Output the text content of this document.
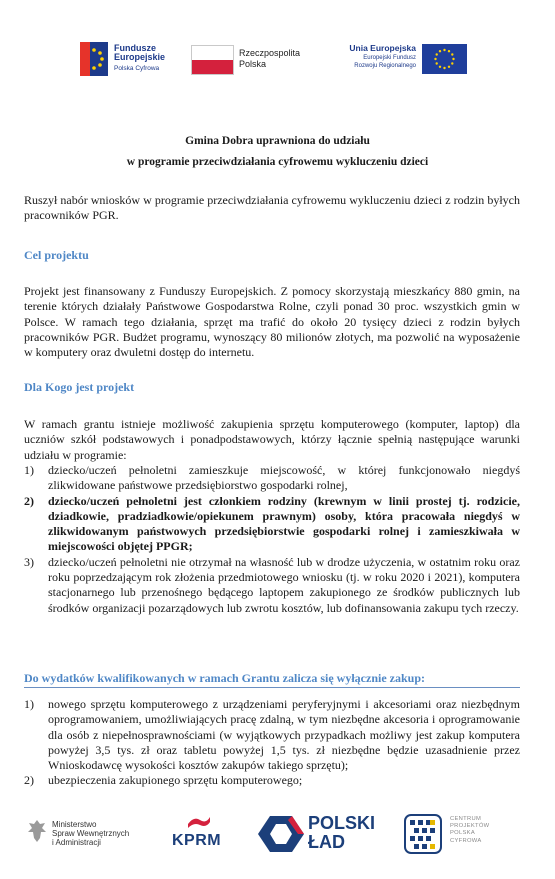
Fundusze
Europejskie
Polska Cyfrowa
Rzeczpospolita
Polska
Unia Europejska
Europejski Fundusz
Rozwoju Regionalnego
Gmina Dobra uprawniona do udziału
w programie przeciwdziałania cyfrowemu wykluczeniu dzieci
Ruszył nabór wniosków w programie przeciwdziałania cyfrowemu wykluczeniu dzieci z rodzin byłych pracowników PGR.
Cel projektu
Projekt jest finansowany z Funduszy Europejskich. Z pomocy skorzystają mieszkańcy 880 gmin, na terenie których działały Państwowe Gospodarstwa Rolne, czyli ponad 30 proc. wszystkich gmin w Polsce. W ramach tego działania, sprzęt ma trafić do około 20 tysięcy dzieci z rodzin byłych pracowników PGR. Budżet programu, wynoszący 80 milionów złotych, ma pozwolić na wyposażenie w komputery oraz dwuletni dostęp do internetu.
Dla Kogo jest projekt
W ramach grantu istnieje możliwość zakupienia sprzętu komputerowego (komputer, laptop) dla uczniów szkół podstawowych i ponadpodstawowych, którzy łącznie spełnią następujące warunki udziału w programie:
1) dziecko/uczeń pełnoletni zamieszkuje miejscowość, w której funkcjonowało niegdyś zlikwidowane państwowe przedsiębiorstwo gospodarki rolnej,
2) dziecko/uczeń pełnoletni jest członkiem rodziny (krewnym w linii prostej tj. rodzicie, dziadkowie, pradziadkowie/opiekunem prawnym) osoby, która pracowała niegdyś w zlikwidowanym państwowych przedsiębiorstwie gospodarki rolnej i zamieszkiwała w miejscowości objętej PPGR;
3) dziecko/uczeń pełnoletni nie otrzymał na własność lub w drodze użyczenia, w ostatnim roku oraz roku poprzedzającym rok złożenia przedmiotowego wniosku (tj. w roku 2020 i 2021), komputera stacjonarnego lub przenośnego będącego laptopem zakupionego ze środków publicznych lub środków organizacji pozarządowych lub zwrotu kosztów, lub dofinansowania zakupu tych rzeczy.
Do wydatków kwalifikowanych w ramach Grantu zalicza się wyłącznie zakup:
1) nowego sprzętu komputerowego z urządzeniami peryferyjnymi i akcesoriami oraz niezbędnym oprogramowaniem, umożliwiających pracę zdalną, w tym niezbędne akcesoria i oprogramowanie dla osób z niepełnosprawnościami (w wyjątkowych przypadkach możliwy jest zakup komputera powyżej 3,5 tys. zł oraz tabletu powyżej 1,5 tys. zł niezbędne będzie uzasadnienie przez Wnioskodawcę wysokości kosztów zakupów takiego sprzętu);
2) ubezpieczenia zakupionego sprzętu komputerowego;
Ministerstwo
Spraw Wewnętrznych
i Administracji	KPRM
POLSKI
ŁAD
CENTRUM
PROJEKTÓW
POLSKA
CYFROWA
